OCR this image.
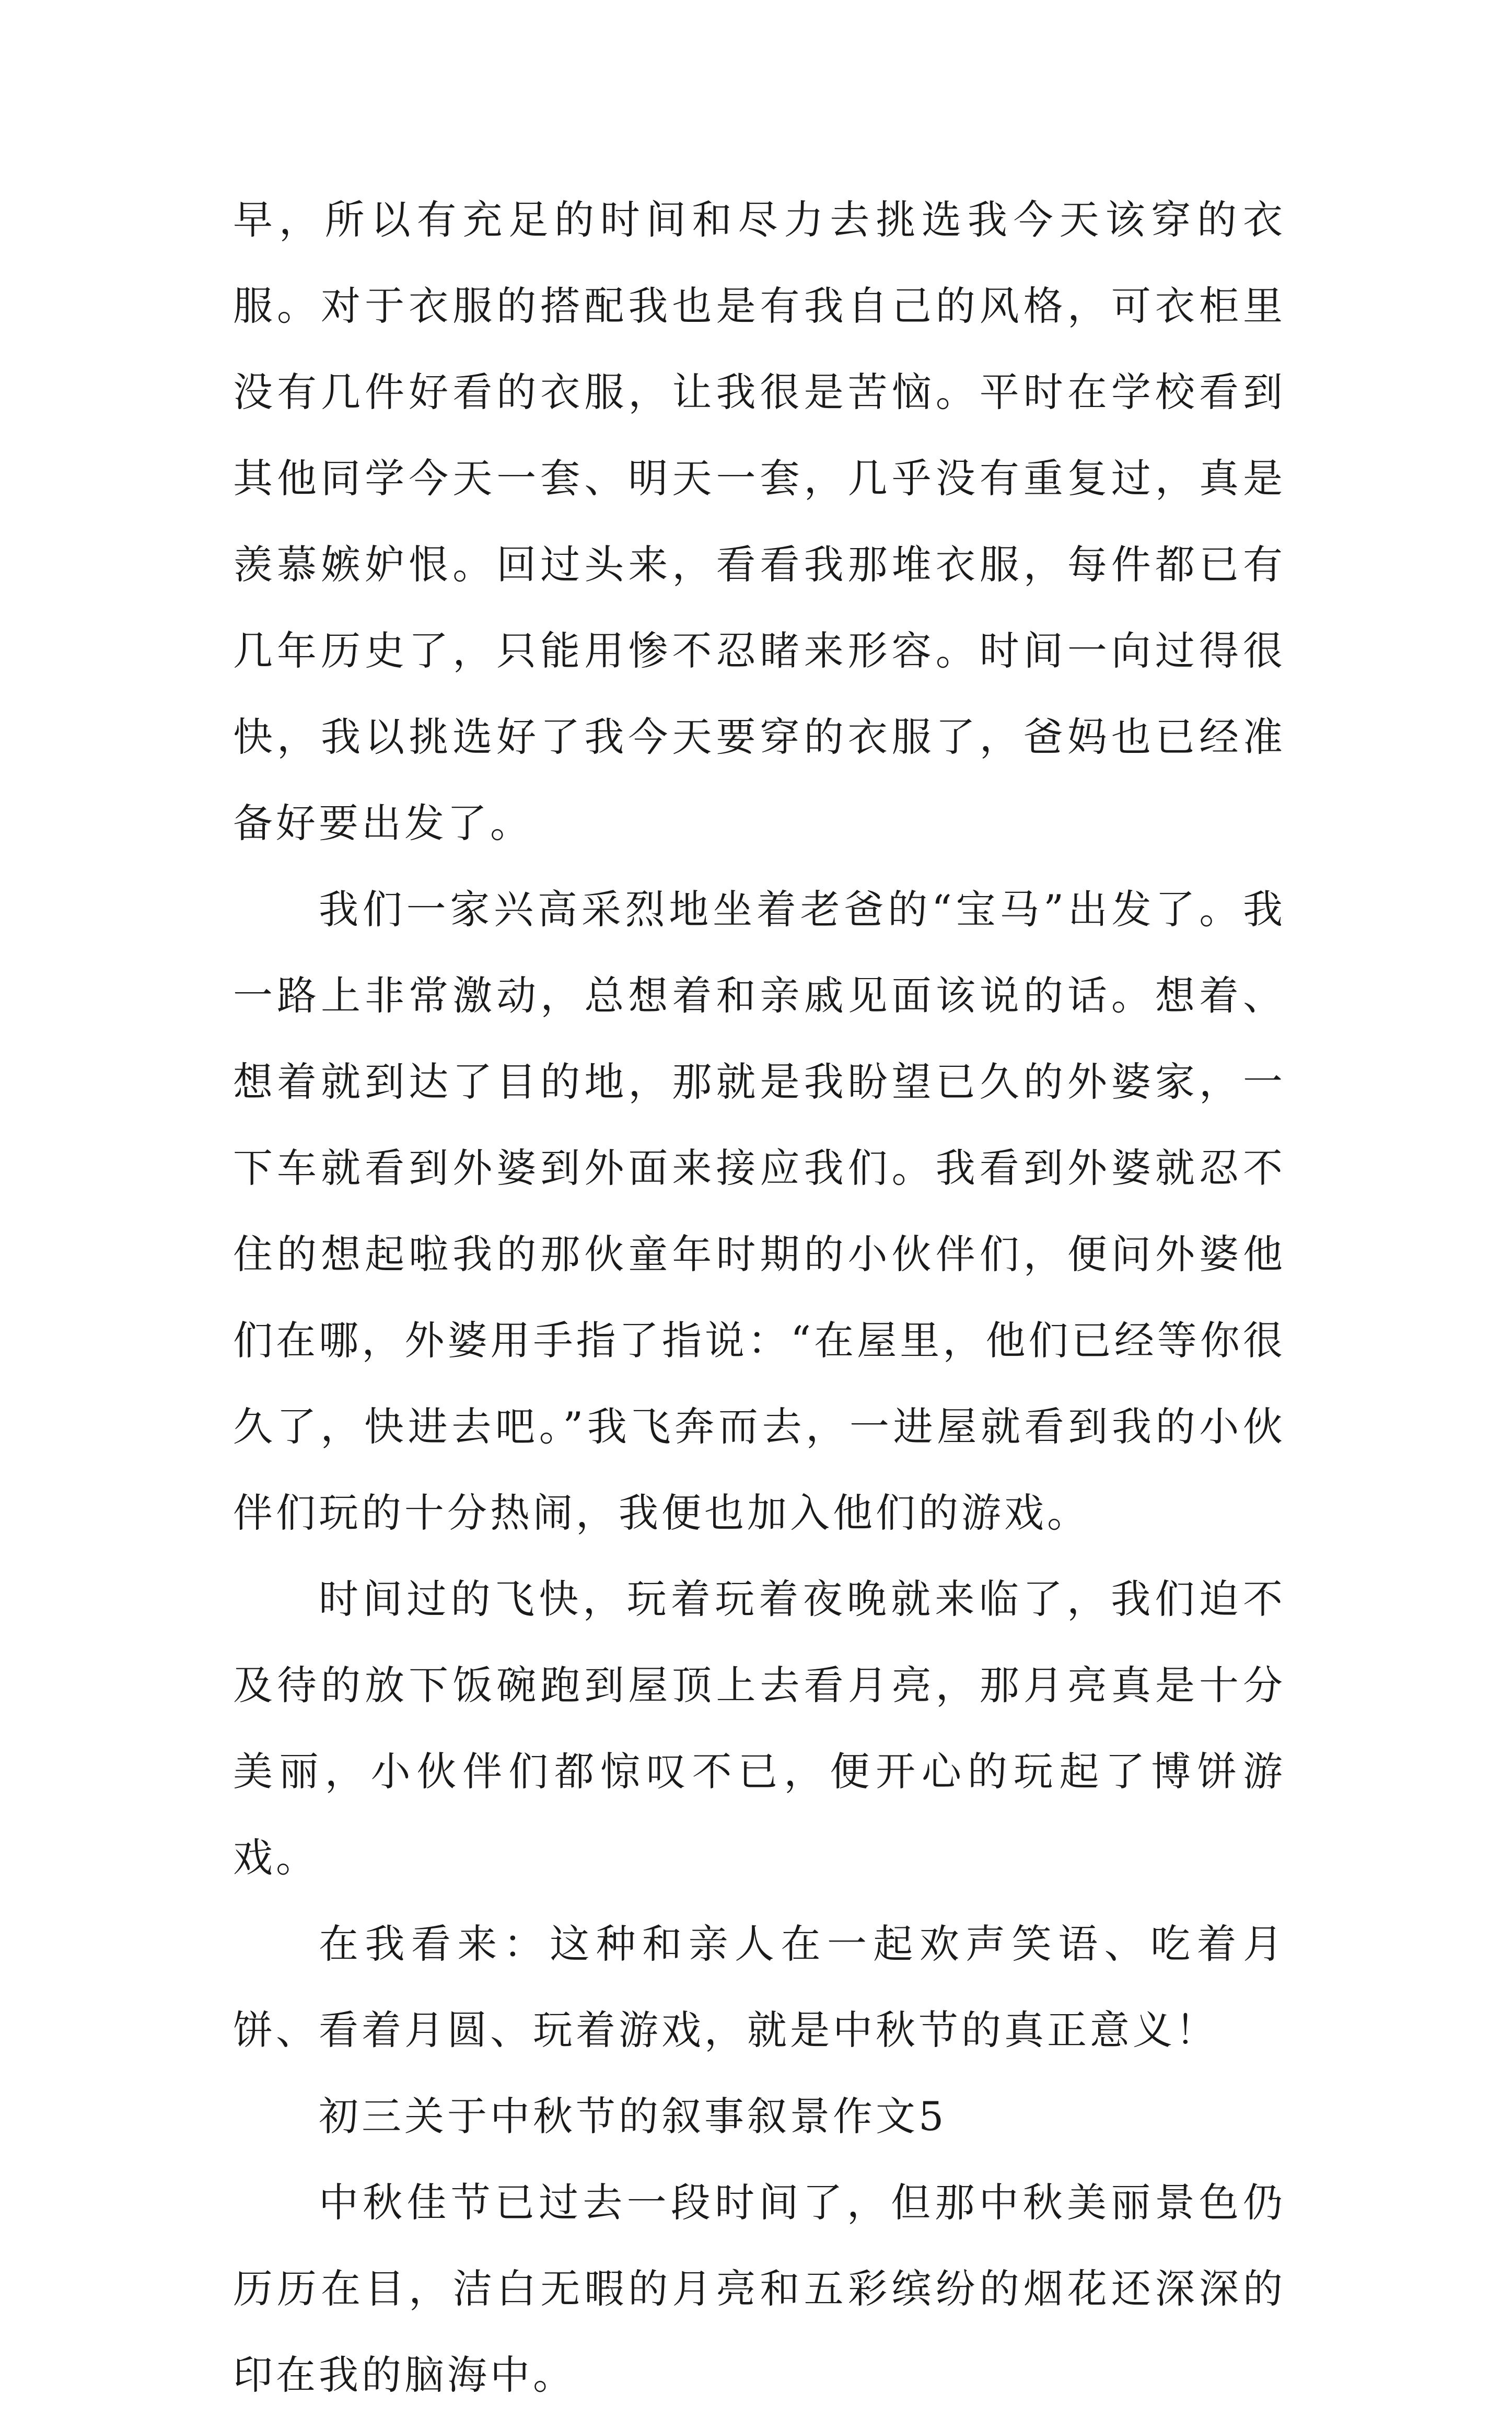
早，所以有充足的时间和尽力去挑选我今天该穿的衣服。对于衣服的搭配我也是有我自己的风格，可衣柜里没有几件好看的衣服，让我很是苦恼。平时在学校看到其他同学今天一套、明天一套，几乎没有重复过，真是羡慕嫉妒恨。回过头来，看看我那堆衣服，每件都已有几年历史了，只能用惨不忍睹来形容。时间一向过得很快，我以挑选好了我今天要穿的衣服了，爸妈也已经准备好要出发了。

我们一家兴高采烈地坐着老爸的“宝马”出发了。我一路上非常激动，总想着和亲戚见面该说的话。想着、想着就到达了目的地，那就是我盼望已久的外婆家，一下车就看到外婆到外面来接应我们。我看到外婆就忍不住的想起啦我的那伙童年时期的小伙伴们，便问外婆他们在哪，外婆用手指了指说：“在屋里，他们已经等你很久了，快进去吧。”我飞奔而去，一进屋就看到我的小伙伴们玩的十分热闹，我便也加入他们的游戏。

时间过的飞快，玩着玩着夜晚就来临了，我们迫不及待的放下饭碗跑到屋顶上去看月亮，那月亮真是十分美丽，小伙伴们都惊叹不已，便开心的玩起了博饼游戏。

在我看来：这种和亲人在一起欢声笑语、吃着月饼、看着月圆、玩着游戏，就是中秋节的真正意义！

初三关于中秋节的叙事叙景作文5

中秋佳节已过去一段时间了，但那中秋美丽景色仍历历在目，洁白无暇的月亮和五彩缤纷的烟花还深深的印在我的脑海中。
